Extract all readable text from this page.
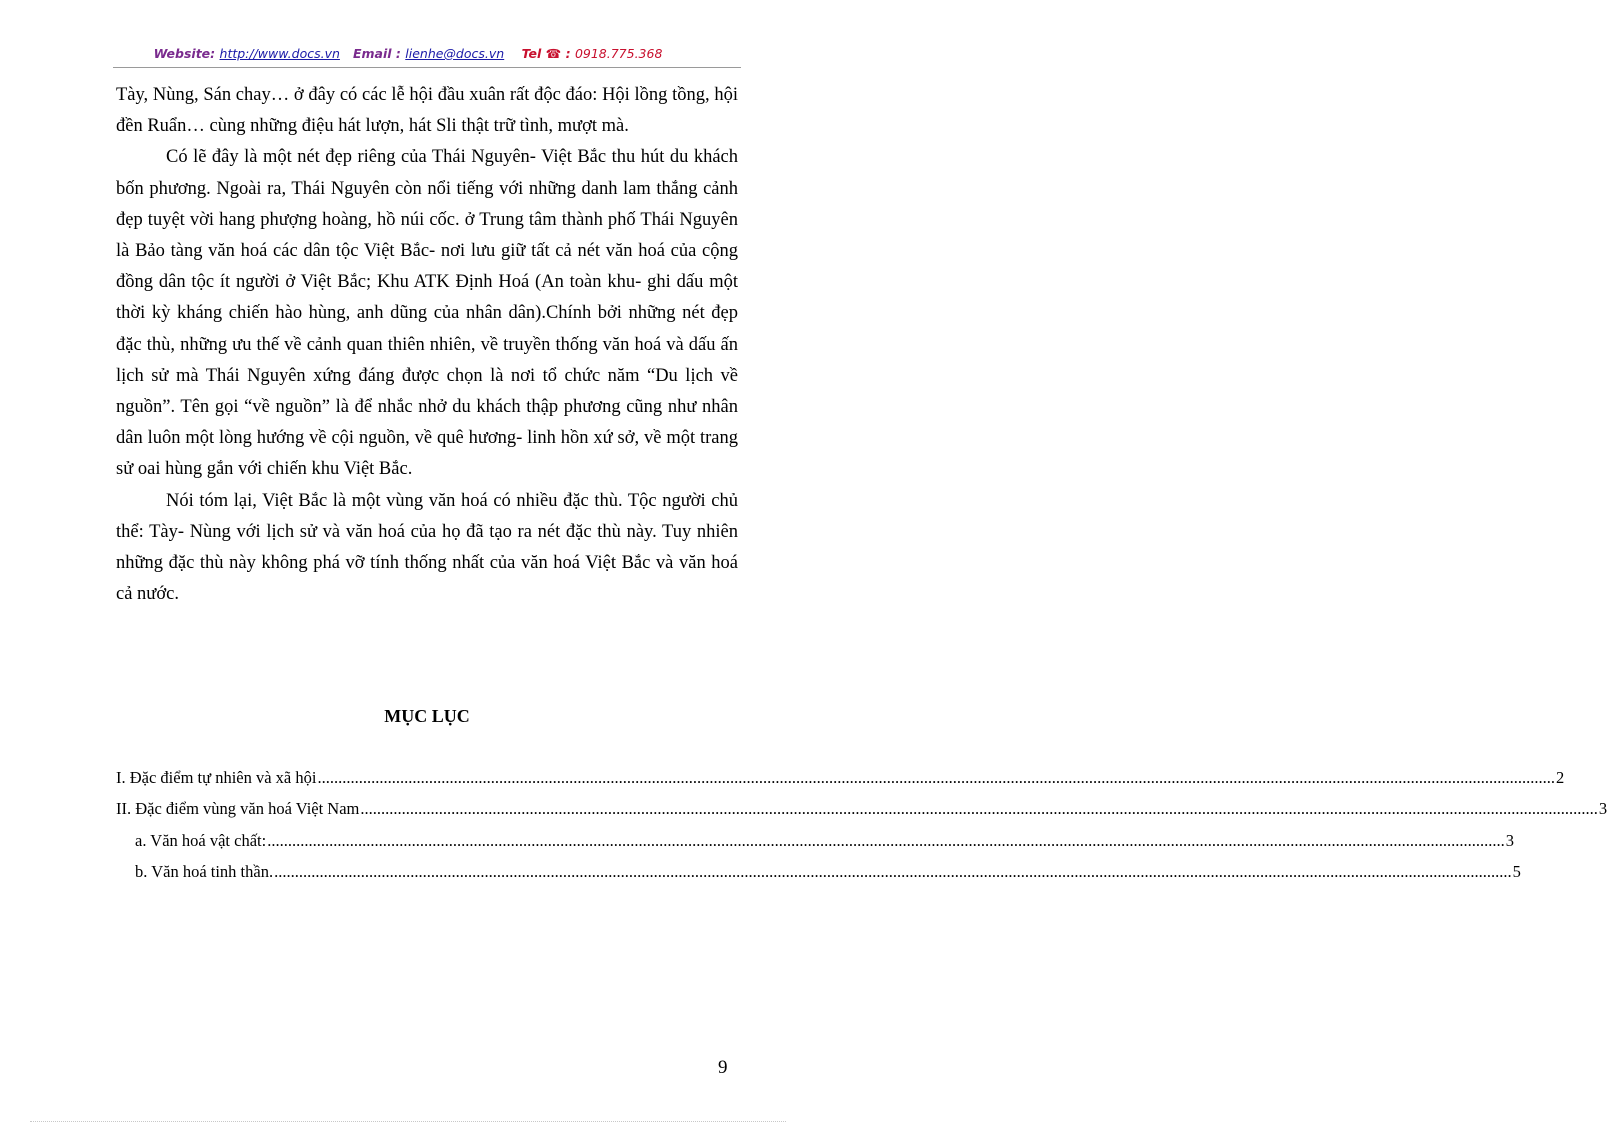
Website: http://www.docs.vn Email : lienhe@docs.vn Tel ☎ : 0918.775.368

Tày, Nùng, Sán chay… ở đây có các lễ hội đầu xuân rất độc đáo: Hội lồng tồng, hội đền Ruẩn… cùng những điệu hát lượn, hát Sli thật trữ tình, mượt mà.

Có lẽ đây là một nét đẹp riêng của Thái Nguyên- Việt Bắc thu hút du khách bốn phương. Ngoài ra, Thái Nguyên còn nổi tiếng với những danh lam thắng cảnh đẹp tuyệt vời hang phượng hoàng, hồ núi cốc. ở Trung tâm thành phố Thái Nguyên là Bảo tàng văn hoá các dân tộc Việt Bắc- nơi lưu giữ tất cả nét văn hoá của cộng đồng dân tộc ít người ở Việt Bắc; Khu ATK Định Hoá (An toàn khu- ghi dấu một thời kỳ kháng chiến hào hùng, anh dũng của nhân dân).Chính bởi những nét đẹp đặc thù, những ưu thế về cảnh quan thiên nhiên, về truyền thống văn hoá và dấu ấn lịch sử mà Thái Nguyên xứng đáng được chọn là nơi tổ chức năm “Du lịch về nguồn”. Tên gọi “về nguồn” là để nhắc nhở du khách thập phương cũng như nhân dân luôn một lòng hướng về cội nguồn, về quê hương- linh hồn xứ sở, về một trang sử oai hùng gắn với chiến khu Việt Bắc.

Nói tóm lại, Việt Bắc là một vùng văn hoá có nhiều đặc thù. Tộc người chủ thể: Tày- Nùng với lịch sử và văn hoá của họ đã tạo ra nét đặc thù này. Tuy nhiên những đặc thù này không phá vỡ tính thống nhất của văn hoá Việt Bắc và văn hoá cả nước.

MỤC LỤC
I. Đặc điểm tự nhiên và xã hội ............................................................................................................................................................................................................................................................................................................ 2
II. Đặc điểm vùng văn hoá Việt Nam ............................................................................................................................................................................................................................................................................................................ 3
a. Văn hoá vật chất: ............................................................................................................................................................................................................................................................................................................ 3
b. Văn hoá tinh thần. ............................................................................................................................................................................................................................................................................................................ 5
9
